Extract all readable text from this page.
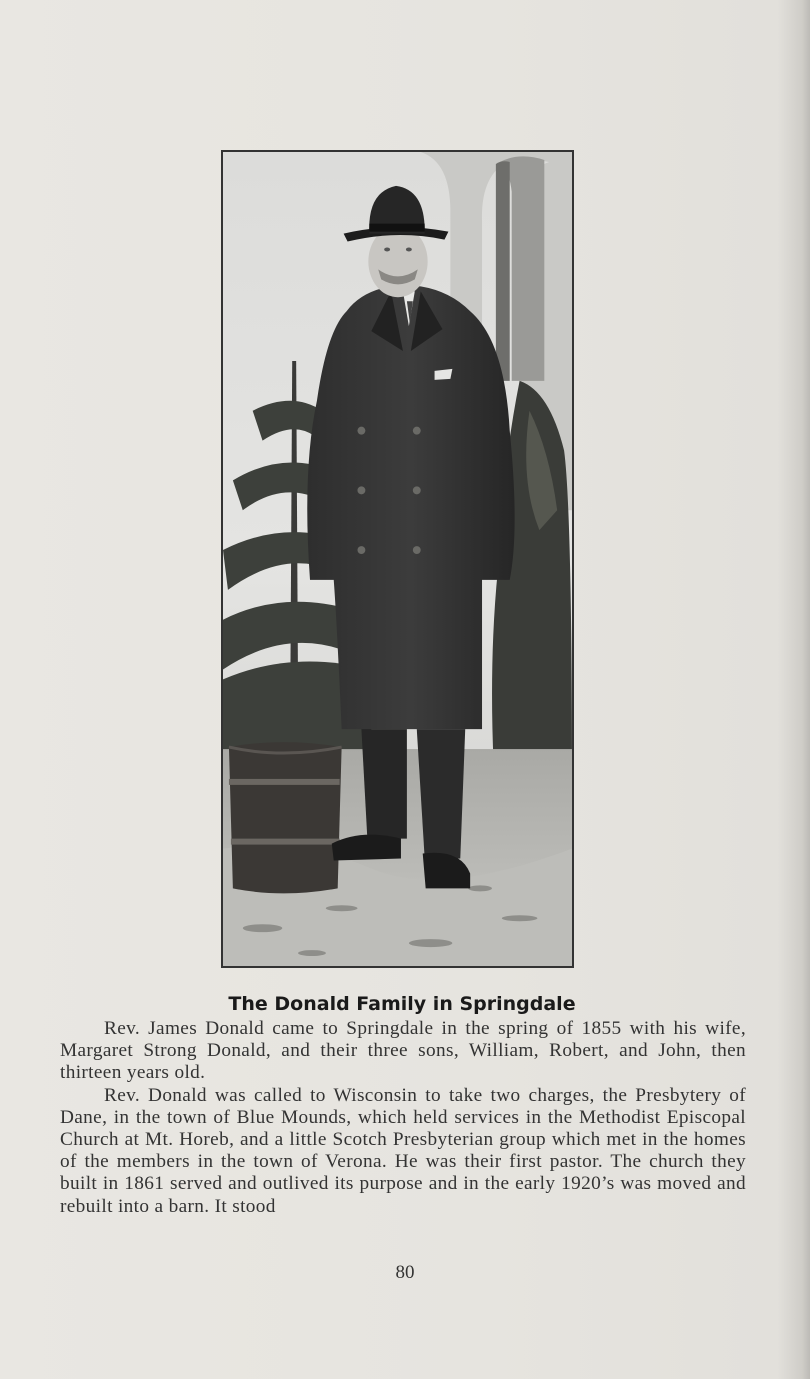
The Donald Family in Springdale

Rev. James Donald came to Springdale in the spring of 1855 with his wife, Margaret Strong Donald, and their three sons, William, Robert, and John, then thirteen years old.

Rev. Donald was called to Wisconsin to take two charges, the Presbytery of Dane, in the town of Blue Mounds, which held services in the Methodist Episcopal Church at Mt. Horeb, and a little Scotch Presbyterian group which met in the homes of the members in the town of Verona. He was their first pastor. The church they built in 1861 served and outlived its purpose and in the early 1920’s was moved and rebuilt into a barn. It stood

80
